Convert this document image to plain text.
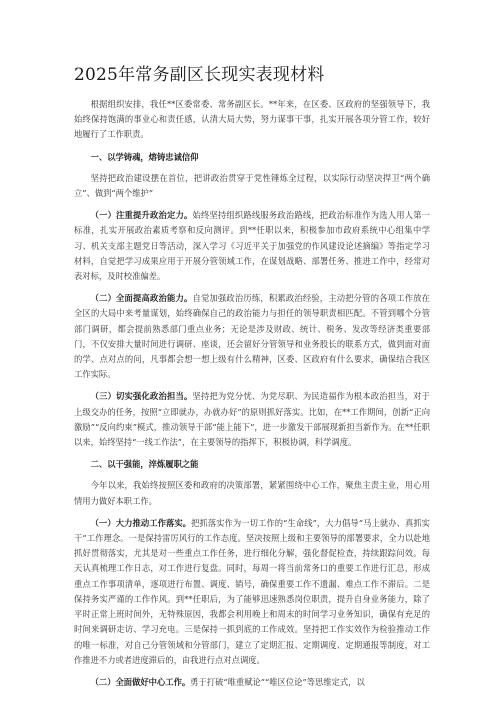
2025年常务副区长现实表现材料

根据组织安排，我任**区委常委、常务副区长。**年来，在区委、区政府的坚强领导下，我始终保持饱满的事业心和责任感，认清大局大势，努力谋事干事，扎实开展各项分管工作，较好地履行了工作职责。

一、以学铸魂，熔铸忠诚信仰

坚持把政治建设摆在首位，把讲政治贯穿于党性锤炼全过程，以实际行动坚决捍卫“两个确立”、做到“两个维护”

（一）注重提升政治定力。始终坚持组织路线服务政治路线，把政治标准作为选人用人第一标准，扎实开展政治素质考察和反向测评。到**任职以来，积极参加市政府系统中心组集中学习、机关支部主题党日等活动，深入学习《习近平关于加强党的作风建设论述摘编》等指定学习材料，自觉把学习成果应用于开展分管领域工作，在谋划战略、部署任务、推进工作中，经常对表对标，及时校准偏差。

（二）全面提高政治能力。自觉加强政治历练，积累政治经验，主动把分管的各项工作放在全区的大局中来考量谋划，始终确保自己的政治能力与担任的领导职责相匹配。不管到哪个分管部门调研，都会提前熟悉部门重点业务；无论是涉及财政、统计、税务、发改等经济类重要部门，不仅安排大量时间进行调研、座谈，还会留好分管领导和业务股长的联系方式，做到面对面的学、点对点的问，凡事都会想一想上级有什么精神，区委、区政府有什么要求，确保结合我区工作实际。

（三）切实强化政治担当。坚持把为党分忧、为党尽职、为民造福作为根本政治担当，对于上级交办的任务，按照“立即就办，办就办好”的原则抓好落实。比如，在**工作期间，创新“正向激励”“反向约束”模式，推动领导干部“能上能下”，进一步激发干部展现新担当新作为。在**任职以来，始终坚持“一线工作法”，在主要领导的指挥下，积极协调，科学调度。

二、以干强能，淬炼履职之能

今年以来，我始终按照区委和政府的决策部署，紧紧围绕中心工作，聚焦主责主业，用心用情用力做好本职工作。

（一）大力推动工作落实。把抓落实作为一切工作的“生命线”，大力倡导“马上就办、真抓实干”工作理念。一是保持雷厉风行的工作态度。坚决按照上级和主要领导的部署要求，全力以赴地抓好贯彻落实，尤其是对一些重点工作任务，进行细化分解，强化督促检查，持续跟踪问效。每天认真梳理工作日志，对工作进行复盘。同时，每周一将当前常务口的重要工作进行汇总，形成重点工作事项清单，逐项进行布置、调度、销号，确保重要工作不遗漏、难点工作不滞后。二是保持务实严谨的工作作风。到**任职后，为了能够迅速熟悉岗位职责，提升自身业务能力，除了平时正常上班时间外，无特殊原因，我都会利用晚上和周末的时间学习业务知识，确保有充足的时间来调研走访、学习充电。三是保持一抓到底的工作成效。坚持把工作实效作为检验推动工作的唯一标准，对自己分管领域和分管部门，建立了定期汇报、定期调度、定期通报等制度，对工作推进不力或者进度滞后的，由我进行点对点调度。

（二）全面做好中心工作。勇于打破“唯重赋论”“唯区位论”等思维定式，以
